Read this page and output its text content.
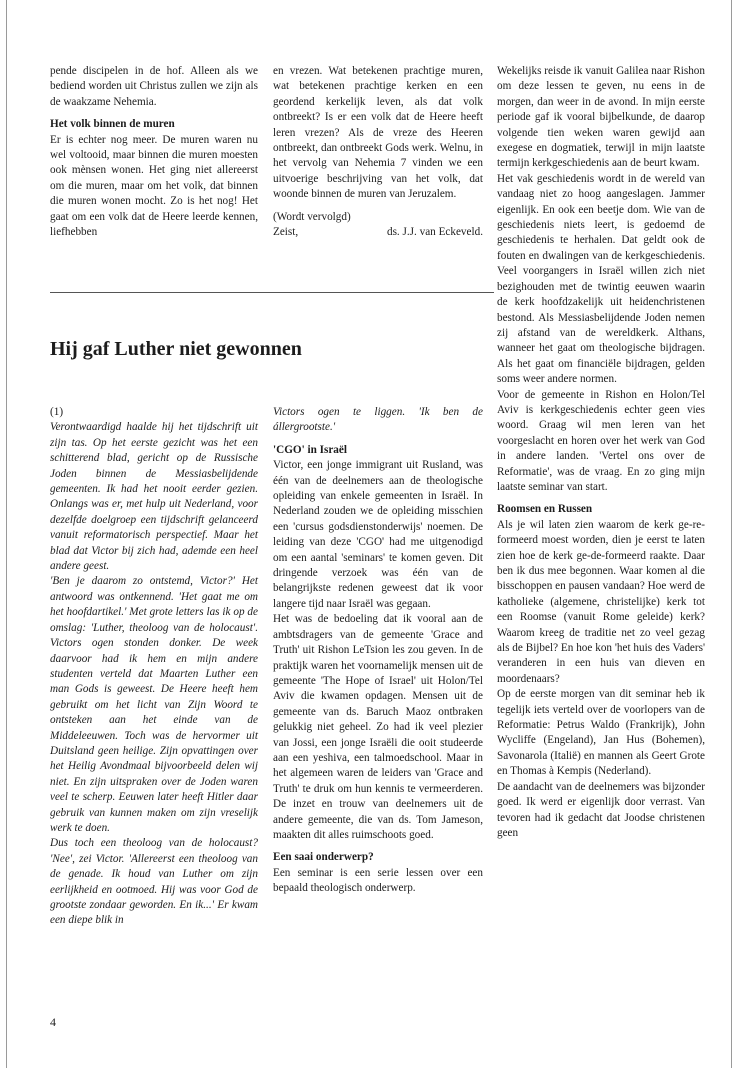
pende discipelen in de hof. Alleen als we bediend worden uit Christus zullen we zijn als de waakzame Nehemia.

Het volk binnen de muren

Er is echter nog meer. De muren waren nu wel voltooid, maar binnen die muren moesten ook mènsen wonen. Het ging niet allereerst om die muren, maar om het volk, dat binnen die muren wonen mocht. Zo is het nog! Het gaat om een volk dat de Heere leerde kennen, liefhebben

en vrezen. Wat betekenen prachtige muren, wat betekenen prachtige kerken en een geordend kerkelijk leven, als dat volk ontbreekt? Is er een volk dat de Heere heeft leren vrezen? Als de vreze des Heeren ontbreekt, dan ontbreekt Gods werk. Welnu, in het vervolg van Nehemia 7 vinden we een uitvoerige beschrijving van het volk, dat woonde binnen de muren van Jeruzalem.

(Wordt vervolgd)

Zeist,	ds. J.J. van Eckeveld.
Hij gaf Luther niet gewonnen

(1)

Verontwaardigd haalde hij het tijdschrift uit zijn tas. Op het eerste gezicht was het een schitterend blad, gericht op de Russische Joden binnen de Messiasbelijdende gemeenten. Ik had het nooit eerder gezien. Onlangs was er, met hulp uit Nederland, voor dezelfde doelgroep een tijdschrift gelanceerd vanuit reformatorisch perspectief. Maar het blad dat Victor bij zich had, ademde een heel andere geest.

'Ben je daarom zo ontstemd, Victor?' Het antwoord was ontkennend. 'Het gaat me om het hoofdartikel.' Met grote letters las ik op de omslag: 'Luther, theoloog van de holocaust'. Victors ogen stonden donker. De week daarvoor had ik hem en mijn andere studenten verteld dat Maarten Luther een man Gods is geweest. De Heere heeft hem gebruikt om het licht van Zijn Woord te ontsteken aan het einde van de Middeleeuwen. Toch was de hervormer uit Duitsland geen heilige. Zijn opvattingen over het Heilig Avondmaal bijvoorbeeld delen wij niet. En zijn uitspraken over de Joden waren veel te scherp. Eeuwen later heeft Hitler daar gebruik van kunnen maken om zijn vreselijk werk te doen.

Dus toch een theoloog van de holocaust? 'Nee', zei Victor. 'Allereerst een theoloog van de genade. Ik houd van Luther om zijn eerlijkheid en ootmoed. Hij was voor God de grootste zondaar geworden. En ik...' Er kwam een diepe blik in

Victors ogen te liggen. 'Ik ben de állergrootste.'

'CGO' in Israël

Victor, een jonge immigrant uit Rusland, was één van de deelnemers aan de theologische opleiding van enkele gemeenten in Israël. In Nederland zouden we de opleiding misschien een 'cursus godsdienstonderwijs' noemen. De leiding van deze 'CGO' had me uitgenodigd om een aantal 'seminars' te komen geven. Dit dringende verzoek was één van de belangrijkste redenen geweest dat ik voor langere tijd naar Israël was gegaan.

Het was de bedoeling dat ik vooral aan de ambtsdragers van de gemeente 'Grace and Truth' uit Rishon LeTsion les zou geven. In de praktijk waren het voornamelijk mensen uit de gemeente 'The Hope of Israel' uit Holon/Tel Aviv die kwamen opdagen. Mensen uit de gemeente van ds. Baruch Maoz ontbraken gelukkig niet geheel. Zo had ik veel plezier van Jossi, een jonge Israëli die ooit studeerde aan een yeshiva, een talmoedschool. Maar in het algemeen waren de leiders van 'Grace and Truth' te druk om hun kennis te vermeerderen. De inzet en trouw van deelnemers uit de andere gemeente, die van ds. Tom Jameson, maakten dit alles ruimschoots goed.

Een saai onderwerp?

Een seminar is een serie lessen over een bepaald theologisch onderwerp.

Wekelijks reisde ik vanuit Galilea naar Rishon om deze lessen te geven, nu eens in de morgen, dan weer in de avond. In mijn eerste periode gaf ik vooral bijbelkunde, de daarop volgende tien weken waren gewijd aan exegese en dogmatiek, terwijl in mijn laatste termijn kerkgeschiedenis aan de beurt kwam.

Het vak geschiedenis wordt in de wereld van vandaag niet zo hoog aangeslagen. Jammer eigenlijk. En ook een beetje dom. Wie van de geschiedenis niets leert, is gedoemd de geschiedenis te herhalen. Dat geldt ook de fouten en dwalingen van de kerkgeschiedenis. Veel voorgangers in Israël willen zich niet bezighouden met de twintig eeuwen waarin de kerk hoofdzakelijk uit heidenchristenen bestond. Als Messiasbelijdende Joden nemen zij afstand van de wereldkerk. Althans, wanneer het gaat om theologische bijdragen. Als het gaat om financiële bijdragen, gelden soms weer andere normen.

Voor de gemeente in Rishon en Holon/Tel Aviv is kerkgeschiedenis echter geen vies woord. Graag wil men leren van het voorgeslacht en horen over het werk van God in andere landen. 'Vertel ons over de Reformatie', was de vraag. En zo ging mijn laatste seminar van start.

Roomsen en Russen

Als je wil laten zien waarom de kerk ge-re-formeerd moest worden, dien je eerst te laten zien hoe de kerk ge-de-formeerd raakte. Daar ben ik dus mee begonnen. Waar komen al die bisschoppen en pausen vandaan? Hoe werd de katholieke (algemene, christelijke) kerk tot een Roomse (vanuit Rome geleide) kerk? Waarom kreeg de traditie net zo veel gezag als de Bijbel? En hoe kon 'het huis des Vaders' veranderen in een huis van dieven en moordenaars?

Op de eerste morgen van dit seminar heb ik tegelijk iets verteld over de voorlopers van de Reformatie: Petrus Waldo (Frankrijk), John Wycliffe (Engeland), Jan Hus (Bohemen), Savonarola (Italië) en mannen als Geert Grote en Thomas à Kempis (Nederland).

De aandacht van de deelnemers was bijzonder goed. Ik werd er eigenlijk door verrast. Van tevoren had ik gedacht dat Joodse christenen geen

4
